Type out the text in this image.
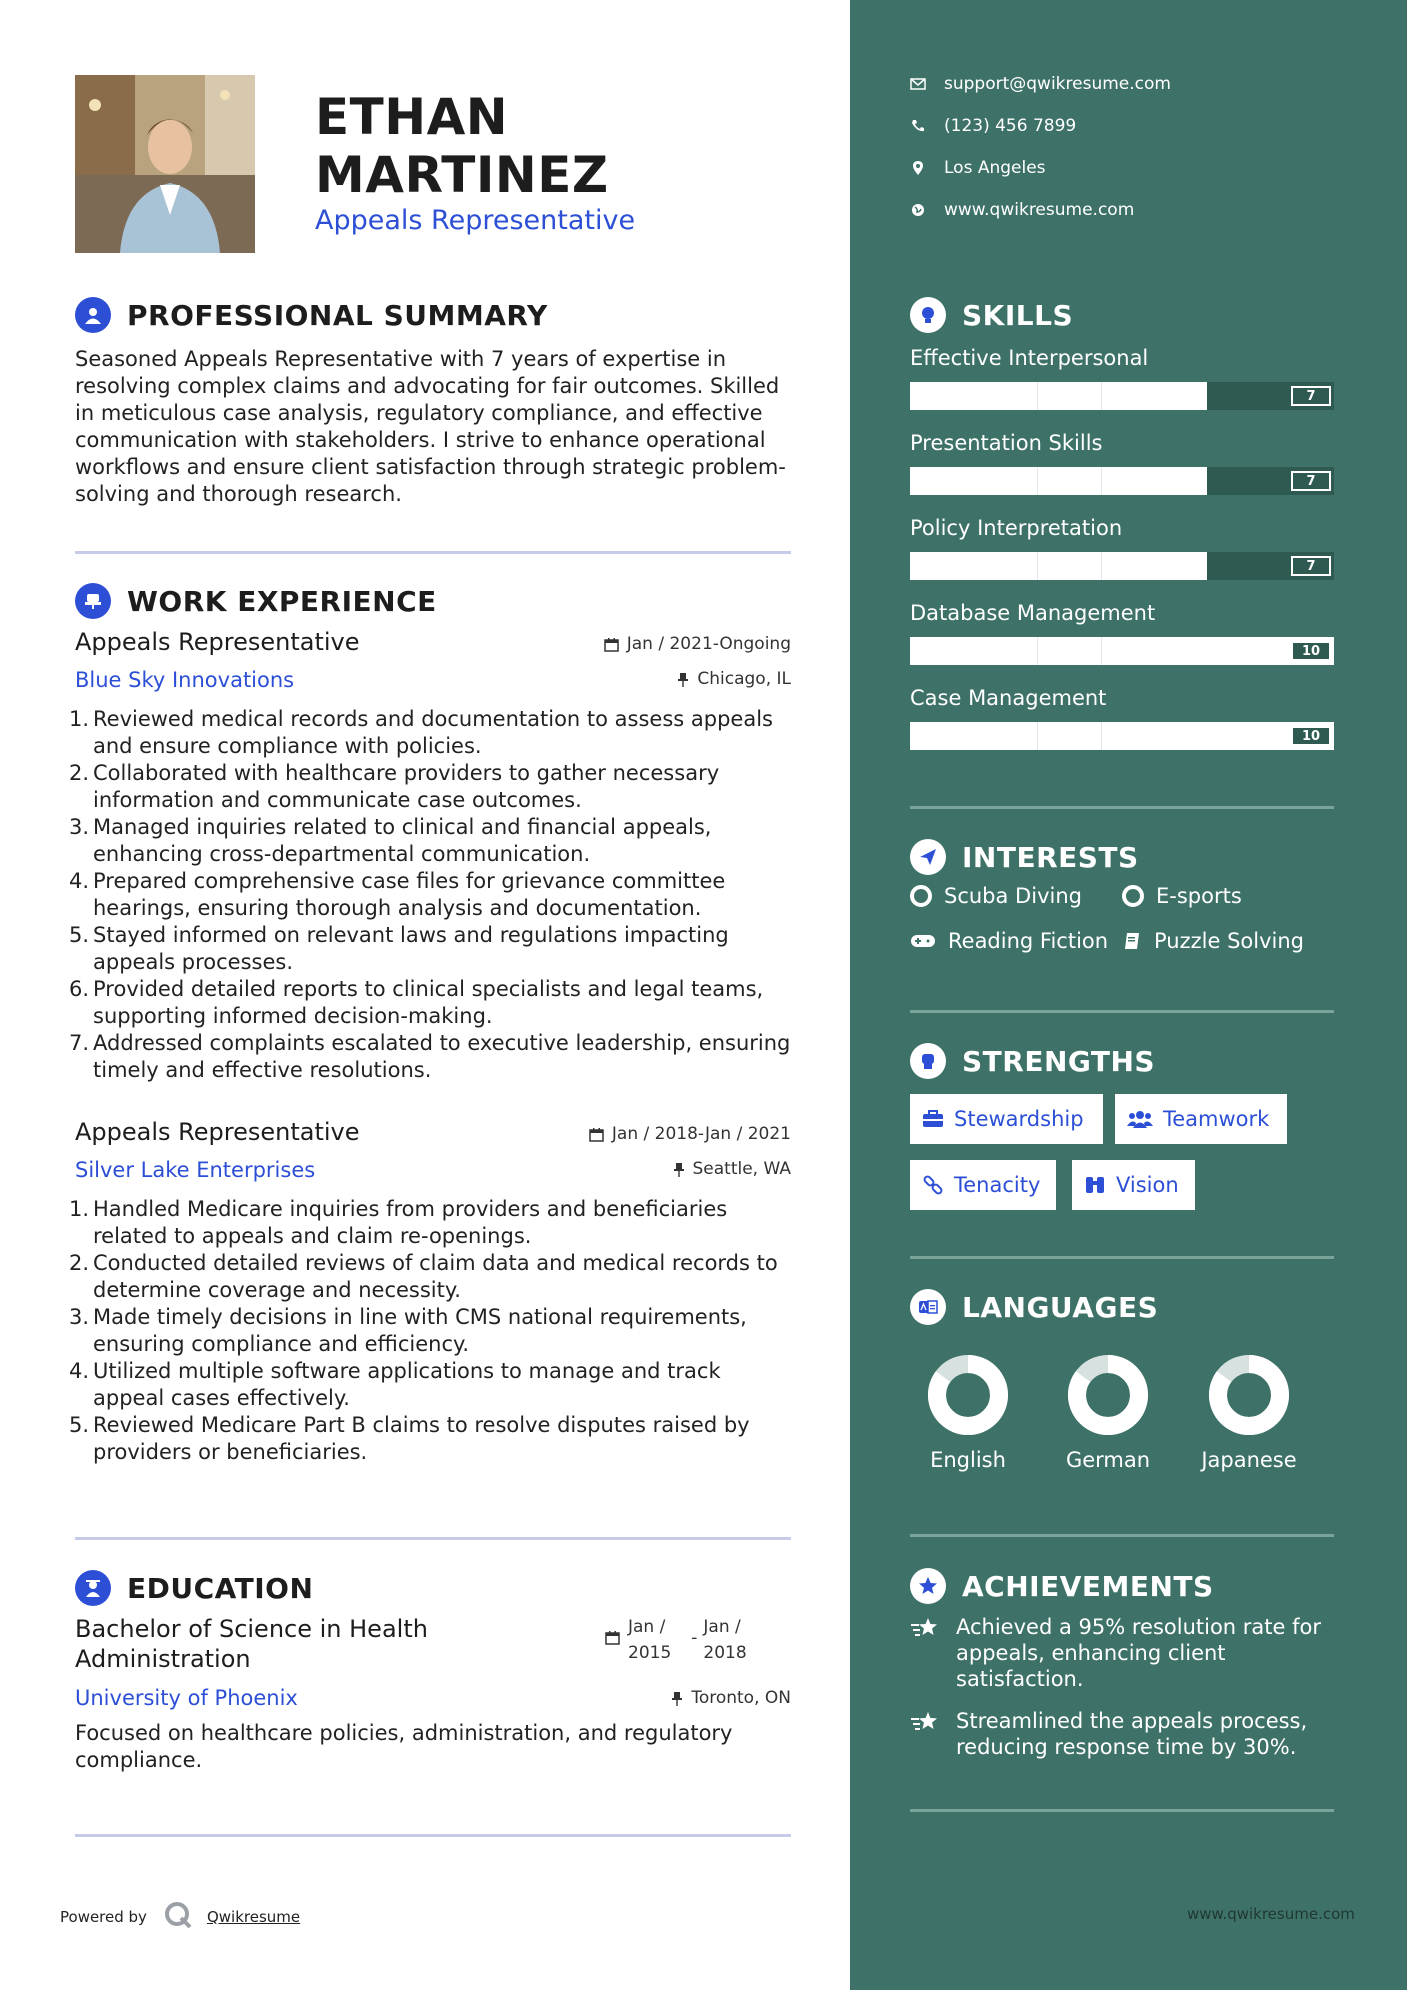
ETHAN
MARTINEZ
Appeals Representative
PROFESSIONAL SUMMARY
Seasoned Appeals Representative with 7 years of expertise in resolving complex claims and advocating for fair outcomes. Skilled in meticulous case analysis, regulatory compliance, and effective communication with stakeholders. I strive to enhance operational workflows and ensure client satisfaction through strategic problem-solving and thorough research.
WORK EXPERIENCE
Appeals Representative	Jan / 2021-Ongoing
Blue Sky Innovations	Chicago, IL
1. Reviewed medical records and documentation to assess appeals and ensure compliance with policies.
2. Collaborated with healthcare providers to gather necessary information and communicate case outcomes.
3. Managed inquiries related to clinical and financial appeals, enhancing cross-departmental communication.
4. Prepared comprehensive case files for grievance committee hearings, ensuring thorough analysis and documentation.
5. Stayed informed on relevant laws and regulations impacting appeals processes.
6. Provided detailed reports to clinical specialists and legal teams, supporting informed decision-making.
7. Addressed complaints escalated to executive leadership, ensuring timely and effective resolutions.
Appeals Representative	Jan / 2018-Jan / 2021
Silver Lake Enterprises	Seattle, WA
1. Handled Medicare inquiries from providers and beneficiaries related to appeals and claim re-openings.
2. Conducted detailed reviews of claim data and medical records to determine coverage and necessity.
3. Made timely decisions in line with CMS national requirements, ensuring compliance and efficiency.
4. Utilized multiple software applications to manage and track appeal cases effectively.
5. Reviewed Medicare Part B claims to resolve disputes raised by providers or beneficiaries.
EDUCATION
Bachelor of Science in Health Administration
Jan /
2015
-
Jan /
2018
University of Phoenix	Toronto, ON
Focused on healthcare policies, administration, and regulatory compliance.
Powered by	Qwikresume
support@qwikresume.com
(123) 456 7899
Los Angeles
www.qwikresume.com
SKILLS
Effective Interpersonal
7
Presentation Skills
7
Policy Interpretation
7
Database Management
10
Case Management
10
INTERESTS
Scuba Diving	E-sports
Reading Fiction Puzzle Solving
STRENGTHS
Stewardship	Teamwork
Tenacity	Vision
LANGUAGES
English	German	Japanese
ACHIEVEMENTS
Achieved a 95% resolution rate for appeals, enhancing client satisfaction.
Streamlined the appeals process, reducing response time by 30%.
www.qwikresume.com
